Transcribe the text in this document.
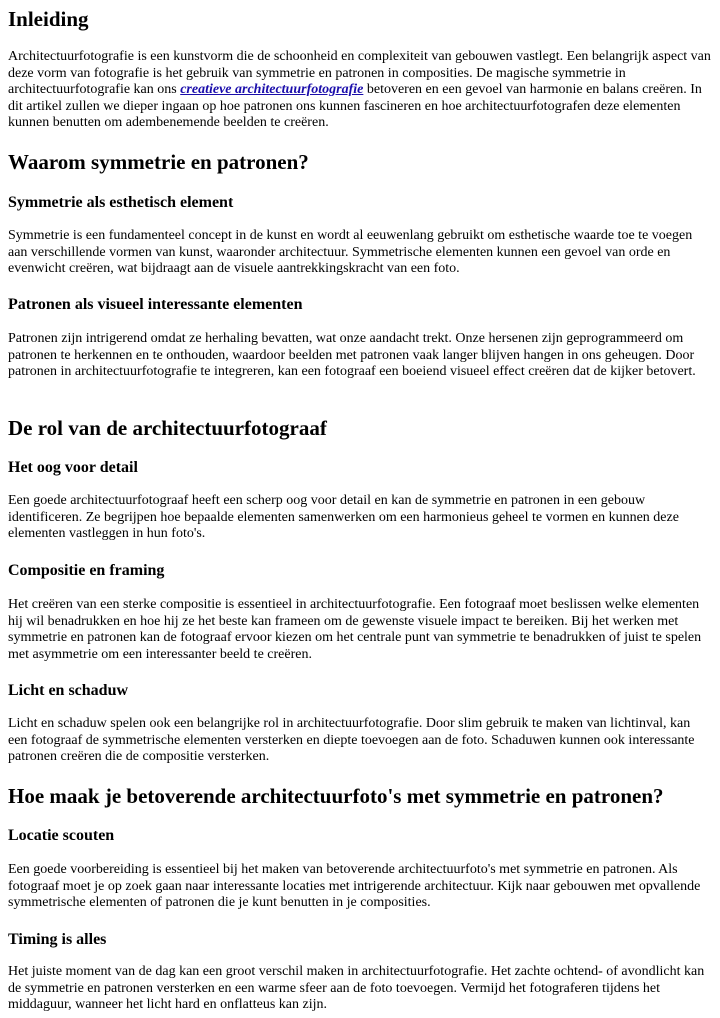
Inleiding

Architectuurfotografie is een kunstvorm die de schoonheid en complexiteit van gebouwen vastlegt. Een belangrijk aspect van deze vorm van fotografie is het gebruik van symmetrie en patronen in composities. De magische symmetrie in architectuurfotografie kan ons creatieve architectuurfotografie betoveren en een gevoel van harmonie en balans creëren. In dit artikel zullen we dieper ingaan op hoe patronen ons kunnen fascineren en hoe architectuurfotografen deze elementen kunnen benutten om adembenemende beelden te creëren.

Waarom symmetrie en patronen?
Symmetrie als esthetisch element

Symmetrie is een fundamenteel concept in de kunst en wordt al eeuwenlang gebruikt om esthetische waarde toe te voegen aan verschillende vormen van kunst, waaronder architectuur. Symmetrische elementen kunnen een gevoel van orde en evenwicht creëren, wat bijdraagt aan de visuele aantrekkingskracht van een foto.

Patronen als visueel interessante elementen

Patronen zijn intrigerend omdat ze herhaling bevatten, wat onze aandacht trekt. Onze hersenen zijn geprogrammeerd om patronen te herkennen en te onthouden, waardoor beelden met patronen vaak langer blijven hangen in ons geheugen. Door patronen in architectuurfotografie te integreren, kan een fotograaf een boeiend visueel effect creëren dat de kijker betovert.

De rol van de architectuurfotograaf
Het oog voor detail

Een goede architectuurfotograaf heeft een scherp oog voor detail en kan de symmetrie en patronen in een gebouw identificeren. Ze begrijpen hoe bepaalde elementen samenwerken om een harmonieus geheel te vormen en kunnen deze elementen vastleggen in hun foto's.

Compositie en framing

Het creëren van een sterke compositie is essentieel in architectuurfotografie. Een fotograaf moet beslissen welke elementen hij wil benadrukken en hoe hij ze het beste kan frameen om de gewenste visuele impact te bereiken. Bij het werken met symmetrie en patronen kan de fotograaf ervoor kiezen om het centrale punt van symmetrie te benadrukken of juist te spelen met asymmetrie om een interessanter beeld te creëren.

Licht en schaduw

Licht en schaduw spelen ook een belangrijke rol in architectuurfotografie. Door slim gebruik te maken van lichtinval, kan een fotograaf de symmetrische elementen versterken en diepte toevoegen aan de foto. Schaduwen kunnen ook interessante patronen creëren die de compositie versterken.

Hoe maak je betoverende architectuurfoto's met symmetrie en patronen?
Locatie scouten

Een goede voorbereiding is essentieel bij het maken van betoverende architectuurfoto's met symmetrie en patronen. Als fotograaf moet je op zoek gaan naar interessante locaties met intrigerende architectuur. Kijk naar gebouwen met opvallende symmetrische elementen of patronen die je kunt benutten in je composities.

Timing is alles

Het juiste moment van de dag kan een groot verschil maken in architectuurfotografie. Het zachte ochtend- of avondlicht kan de symmetrie en patronen versterken en een warme sfeer aan de foto toevoegen. Vermijd het fotograferen tijdens het middaguur, wanneer het licht hard en onflatteus kan zijn.
